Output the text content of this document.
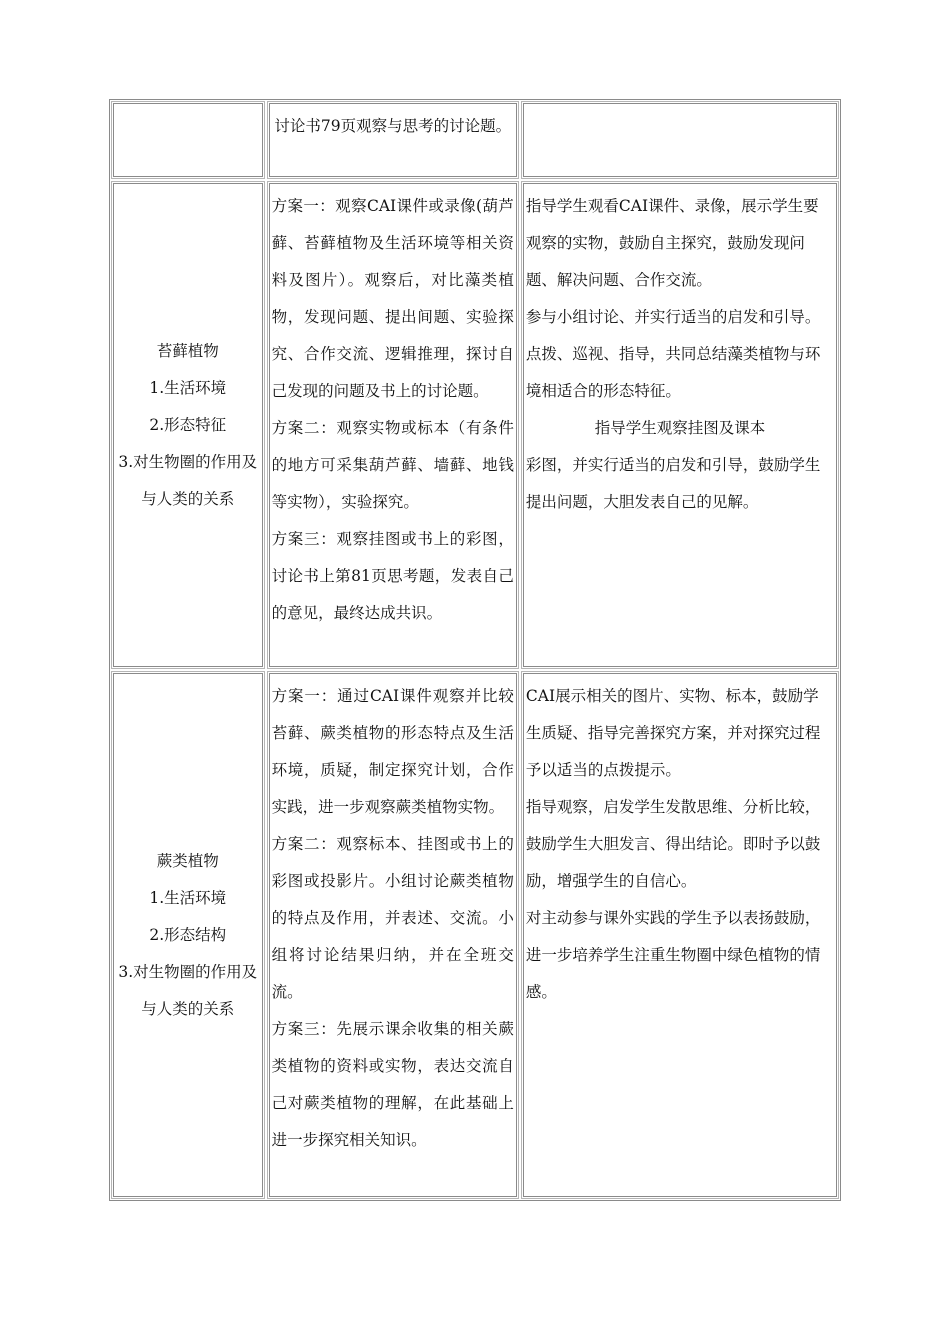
讨论书79页观察与思考的讨论题。

苔藓植物

1.生活环境

2.形态特征

3.对生物圈的作用及与人类的关系

方案一：观察CAI课件或录像(葫芦藓、苔藓植物及生活环境等相关资料及图片）。观察后，对比藻类植物，发现问题、提出间题、实验探究、合作交流、逻辑推理，探讨自己发现的问题及书上的讨论题。

方案二：观察实物或标本（有条件的地方可采集葫芦藓、墙藓、地钱等实物），实验探究。

方案三：观察挂图或书上的彩图，讨论书上第81页思考题，发表自己的意见，最终达成共识。

指导学生观看CAI课件、录像，展示学生要观察的实物，鼓励自主探究，鼓励发现问题、解决问题、合作交流。

参与小组讨论、并实行适当的启发和引导。点拨、巡视、指导，共同总结藻类植物与环境相适合的形态特征。

指导学生观察挂图及课本

彩图，并实行适当的启发和引导，鼓励学生提出问题，大胆发表自己的见解。

蕨类植物

1.生活环境

2.形态结构

3.对生物圈的作用及与人类的关系

方案一：通过CAI课件观察并比较苔藓、蕨类植物的形态特点及生活环境，质疑，制定探究计划，合作实践，进一步观察蕨类植物实物。

方案二：观察标本、挂图或书上的彩图或投影片。小组讨论蕨类植物的特点及作用，并表述、交流。小组将讨论结果归纳，并在全班交流。

方案三：先展示课余收集的相关蕨类植物的资料或实物，表达交流自己对蕨类植物的理解，在此基础上进一步探究相关知识。

CAI展示相关的图片、实物、标本，鼓励学生质疑、指导完善探究方案，并对探究过程予以适当的点拨提示。

指导观察，启发学生发散思维、分析比较，鼓励学生大胆发言、得出结论。即时予以鼓励，增强学生的自信心。

对主动参与课外实践的学生予以表扬鼓励，进一步培养学生注重生物圈中绿色植物的情感。
